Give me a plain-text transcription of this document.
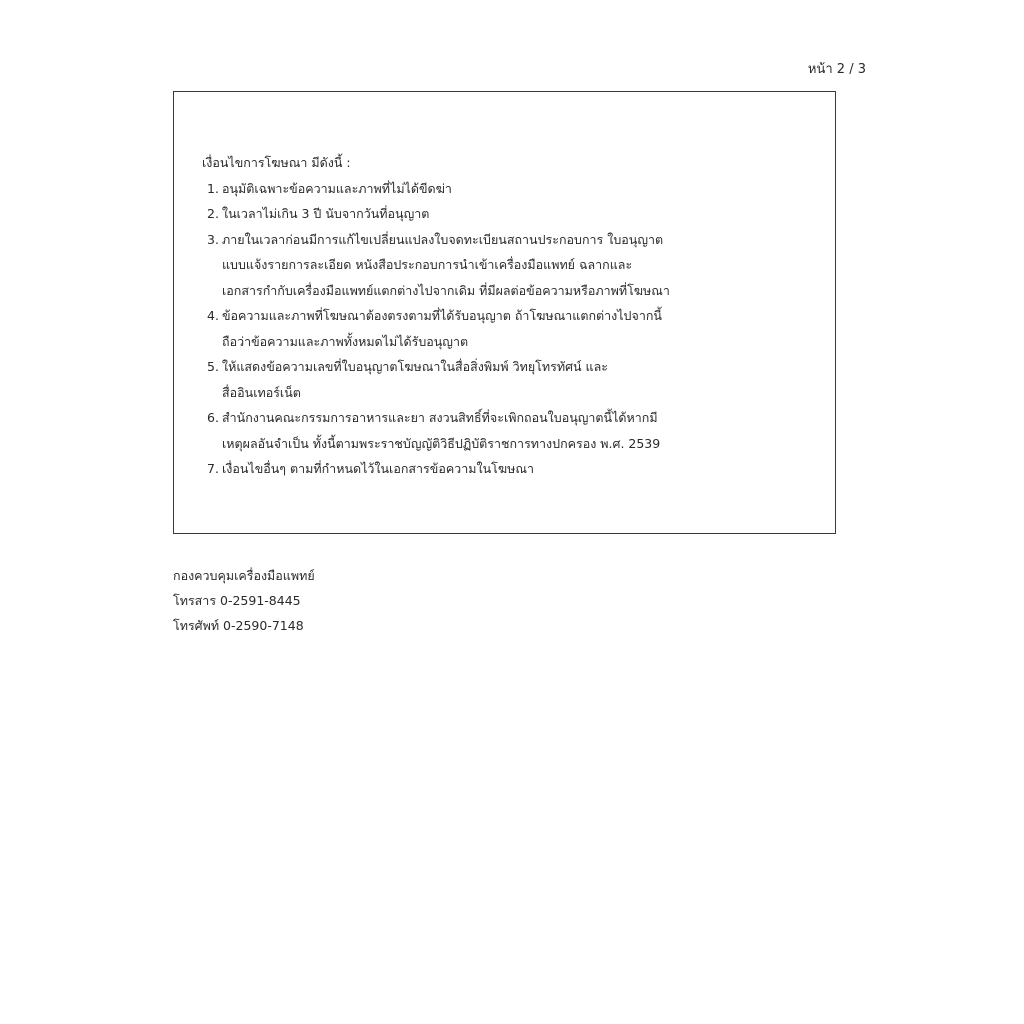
หน้า 2 / 3
เงื่อนไขการโฆษณา มีดังนี้ :
1. อนุมัติเฉพาะข้อความและภาพที่ไม่ได้ขีดฆ่า
2. ในเวลาไม่เกิน 3 ปี นับจากวันที่อนุญาต
3. ภายในเวลาก่อนมีการแก้ไขเปลี่ยนแปลงใบจดทะเบียนสถานประกอบการ ใบอนุญาต
แบบแจ้งรายการละเอียด หนังสือประกอบการนำเข้าเครื่องมือแพทย์ ฉลากและ
เอกสารกำกับเครื่องมือแพทย์แตกต่างไปจากเดิม ที่มีผลต่อข้อความหรือภาพที่โฆษณา
4. ข้อความและภาพที่โฆษณาต้องตรงตามที่ได้รับอนุญาต ถ้าโฆษณาแตกต่างไปจากนี้
ถือว่าข้อความและภาพทั้งหมดไม่ได้รับอนุญาต
5. ให้แสดงข้อความเลขที่ใบอนุญาตโฆษณาในสื่อสิ่งพิมพ์ วิทยุโทรทัศน์ และ
สื่ออินเทอร์เน็ต
6. สำนักงานคณะกรรมการอาหารและยา สงวนสิทธิ์ที่จะเพิกถอนใบอนุญาตนี้ได้หากมี
เหตุผลอันจำเป็น ทั้งนี้ตามพระราชบัญญัติวิธีปฏิบัติราชการทางปกครอง พ.ศ. 2539
7. เงื่อนไขอื่นๆ ตามที่กำหนดไว้ในเอกสารข้อความในโฆษณา
กองควบคุมเครื่องมือแพทย์
โทรสาร 0-2591-8445
โทรศัพท์ 0-2590-7148
